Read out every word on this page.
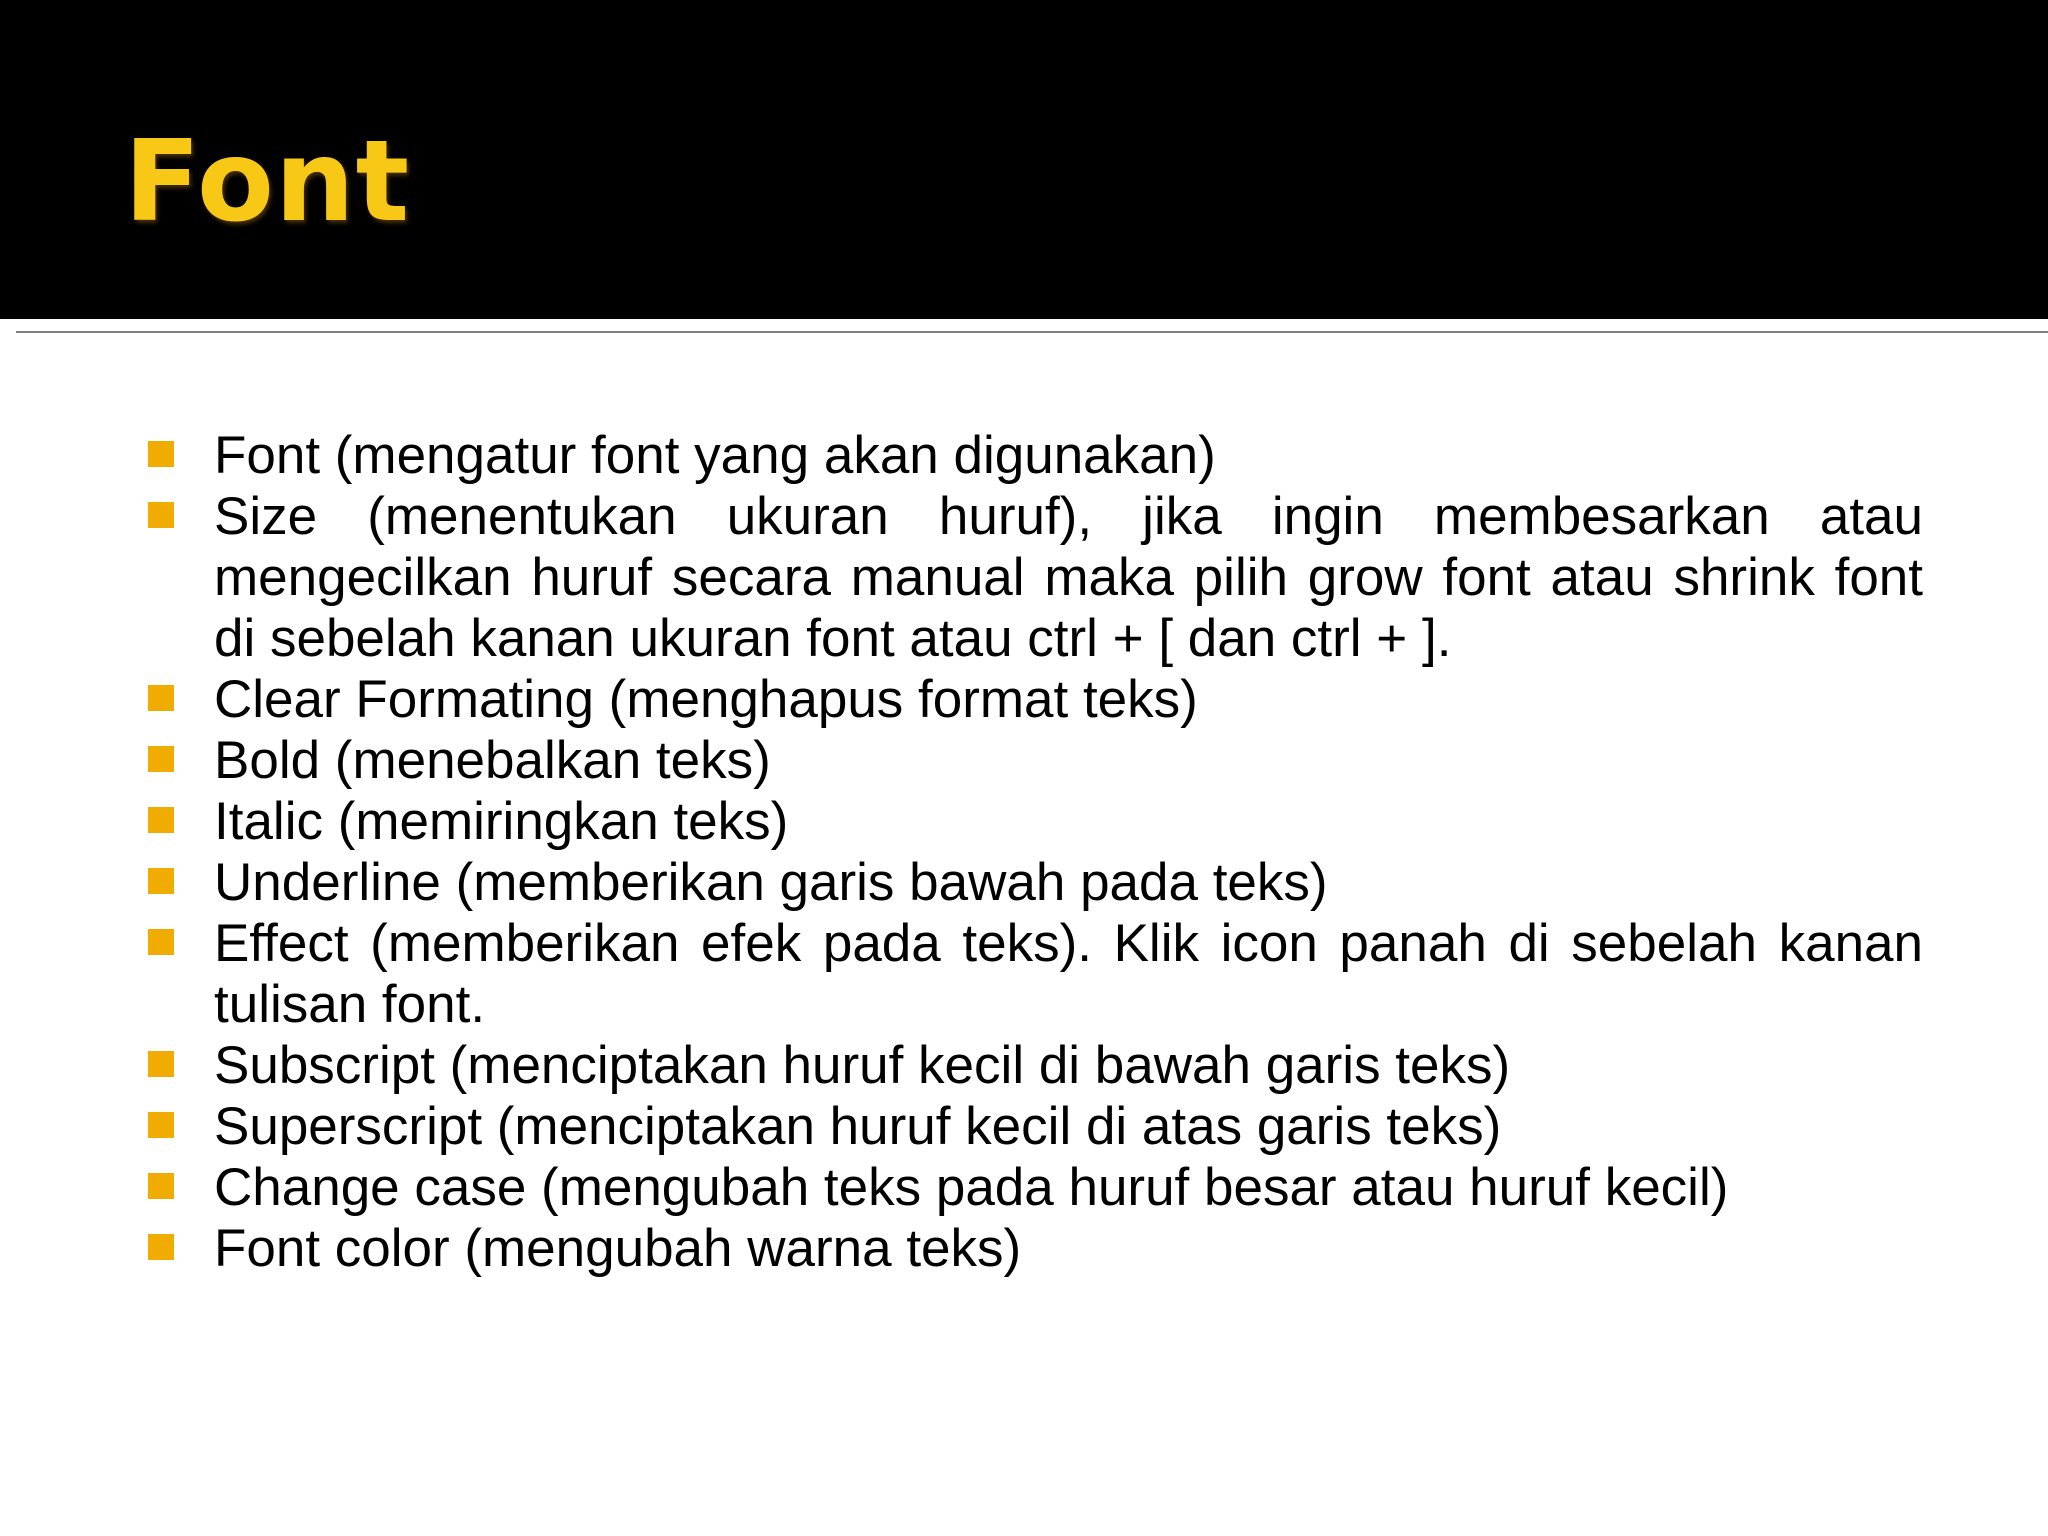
Font
Font (mengatur font yang akan digunakan)
Size (menentukan ukuran huruf), jika ingin membesarkan atau mengecilkan huruf secara manual maka pilih grow font atau shrink font di sebelah kanan ukuran font atau ctrl + [ dan ctrl + ].
Clear Formating (menghapus format teks)
Bold (menebalkan teks)
Italic (memiringkan teks)
Underline (memberikan garis bawah pada teks)
Effect (memberikan efek pada teks). Klik icon panah di sebelah kanan tulisan font.
Subscript (menciptakan huruf kecil di bawah garis teks)
Superscript (menciptakan huruf kecil di atas garis teks)
Change case (mengubah teks pada huruf besar atau huruf kecil)
Font color (mengubah warna teks)
